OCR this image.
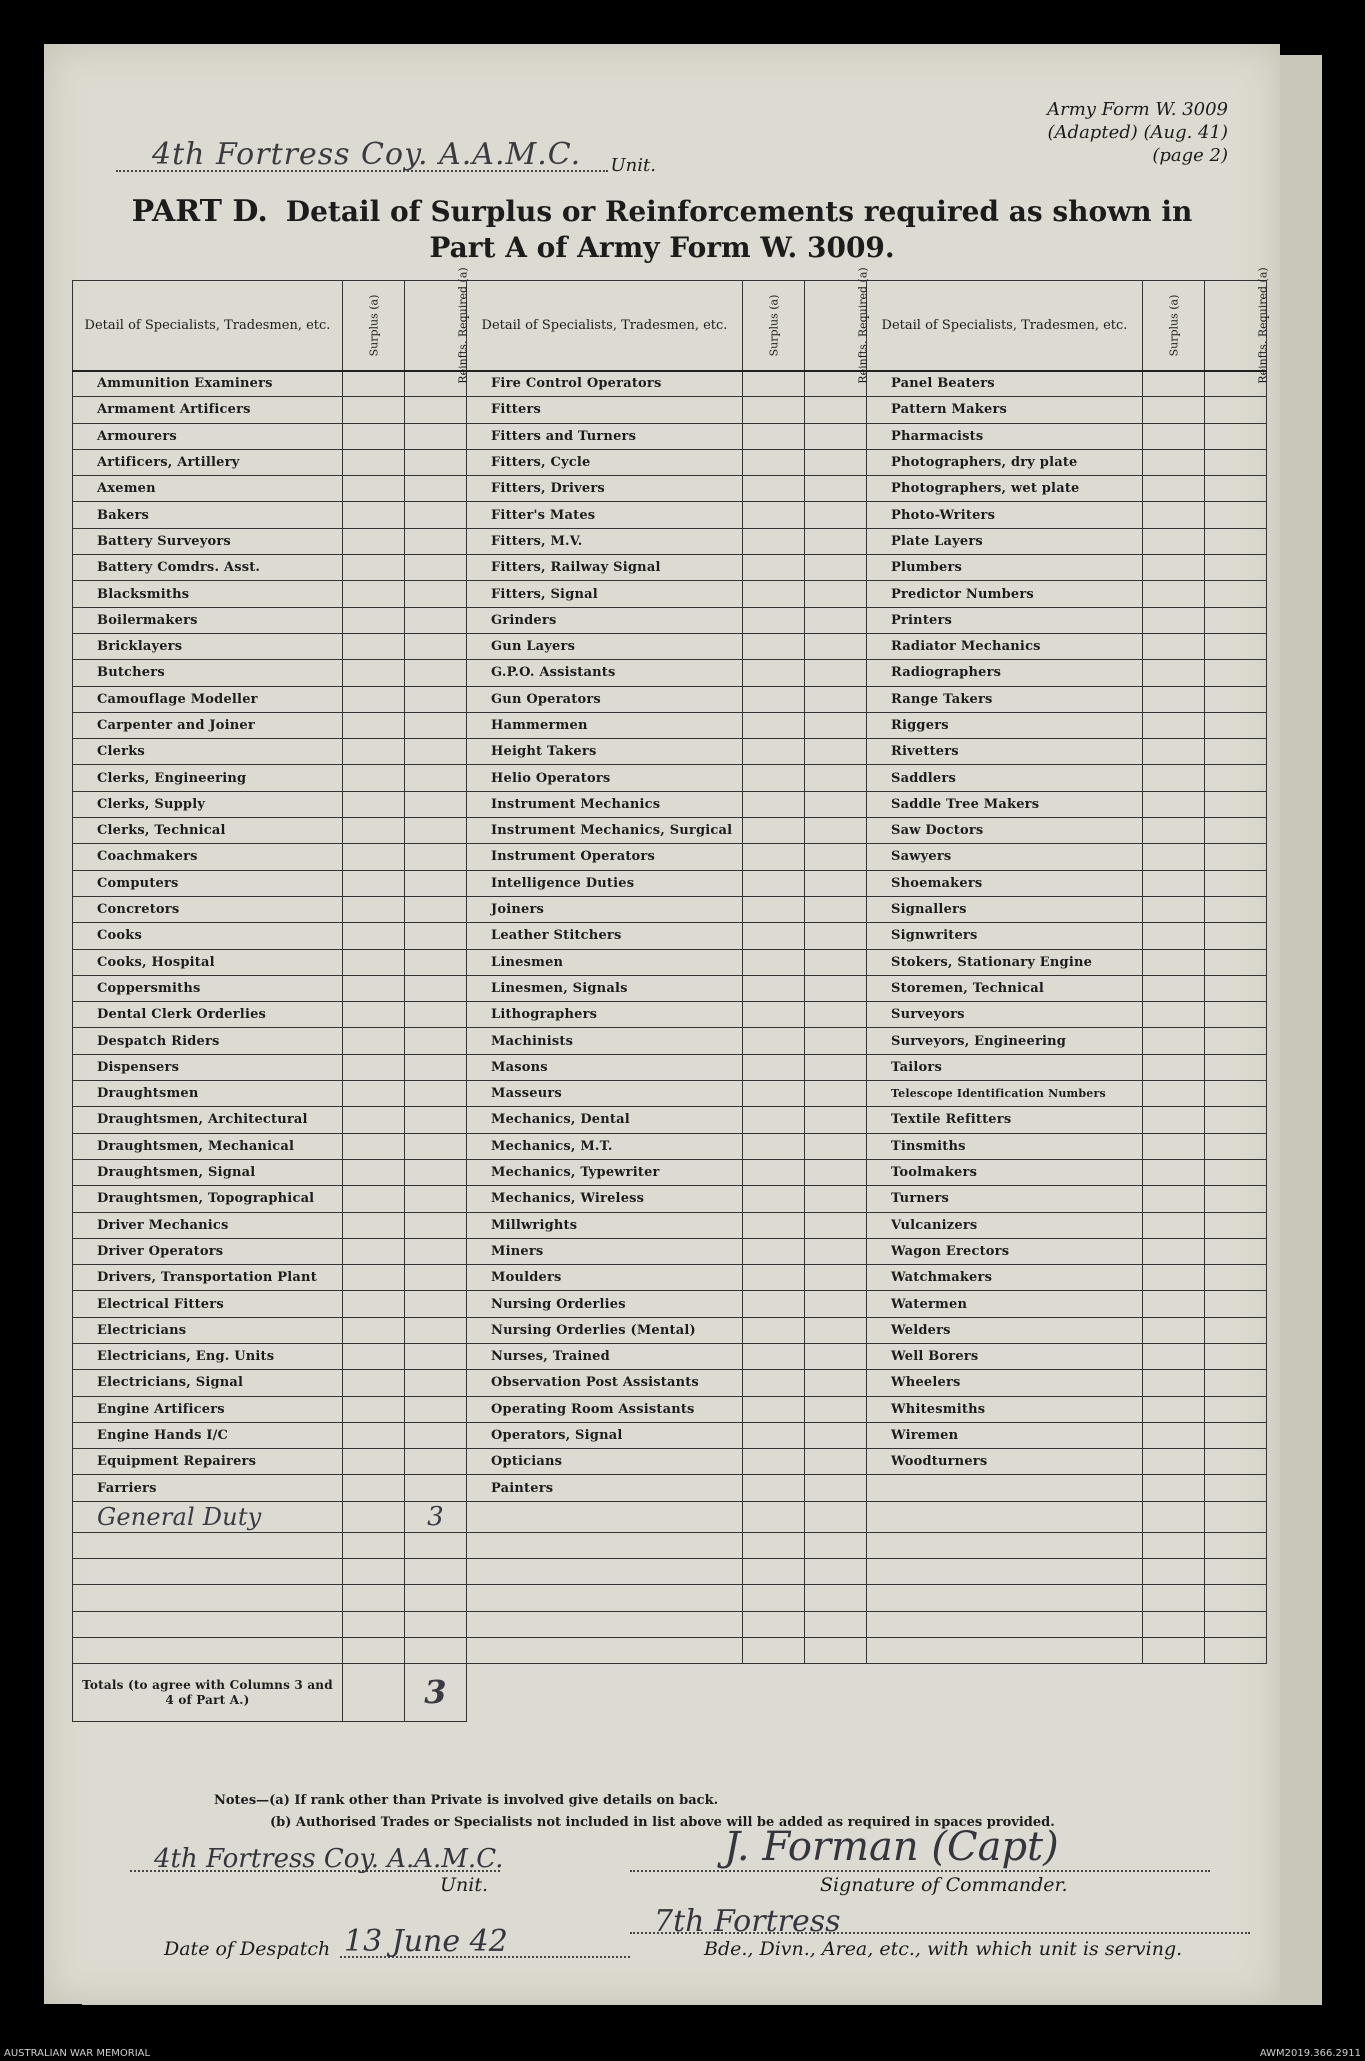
Army Form W. 3009
(Adapted) (Aug. 41)
(page 2)
4th Fortress Coy. A.A.M.C. Unit.
PART D. Detail of Surplus or Reinforcements required as shown in
Part A of Army Form W. 3009.
Detail of Specialists, Tradesmen, etc.	Surplus (a)	Reinfts. Required (a)	Detail of Specialists, Tradesmen, etc.	Surplus (a)	Reinfts. Required (a)	Detail of Specialists, Tradesmen, etc.	Surplus (a)	Reinfts. Required (a)
Ammunition Examiners			Fire Control Operators			Panel Beaters		
Armament Artificers			Fitters			Pattern Makers		
Armourers			Fitters and Turners			Pharmacists		
Artificers, Artillery			Fitters, Cycle			Photographers, dry plate		
Axemen			Fitters, Drivers			Photographers, wet plate		
Bakers			Fitter's Mates			Photo-Writers		
Battery Surveyors			Fitters, M.V.			Plate Layers		
Battery Comdrs. Asst.			Fitters, Railway Signal			Plumbers		
Blacksmiths			Fitters, Signal			Predictor Numbers		
Boilermakers			Grinders			Printers		
Bricklayers			Gun Layers			Radiator Mechanics		
Butchers			G.P.O. Assistants			Radiographers		
Camouflage Modeller			Gun Operators			Range Takers		
Carpenter and Joiner			Hammermen			Riggers		
Clerks			Height Takers			Rivetters		
Clerks, Engineering			Helio Operators			Saddlers		
Clerks, Supply			Instrument Mechanics			Saddle Tree Makers		
Clerks, Technical			Instrument Mechanics, Surgical			Saw Doctors		
Coachmakers			Instrument Operators			Sawyers		
Computers			Intelligence Duties			Shoemakers		
Concretors			Joiners			Signallers		
Cooks			Leather Stitchers			Signwriters		
Cooks, Hospital			Linesmen			Stokers, Stationary Engine		
Coppersmiths			Linesmen, Signals			Storemen, Technical		
Dental Clerk Orderlies			Lithographers			Surveyors		
Despatch Riders			Machinists			Surveyors, Engineering		
Dispensers			Masons			Tailors		
Draughtsmen			Masseurs			Telescope Identification Numbers		
Draughtsmen, Architectural			Mechanics, Dental			Textile Refitters		
Draughtsmen, Mechanical			Mechanics, M.T.			Tinsmiths		
Draughtsmen, Signal			Mechanics, Typewriter			Toolmakers		
Draughtsmen, Topographical			Mechanics, Wireless			Turners		
Driver Mechanics			Millwrights			Vulcanizers		
Driver Operators			Miners			Wagon Erectors		
Drivers, Transportation Plant			Moulders			Watchmakers		
Electrical Fitters			Nursing Orderlies			Watermen		
Electricians			Nursing Orderlies (Mental)			Welders		
Electricians, Eng. Units			Nurses, Trained			Well Borers		
Electricians, Signal			Observation Post Assistants			Wheelers		
Engine Artificers			Operating Room Assistants			Whitesmiths		
Engine Hands I/C			Operators, Signal			Wiremen		
Equipment Repairers			Opticians			Woodturners		
Farriers			Painters					
General Duty		3						

Totals (to agree with Columns 3 and 4 of Part A.)		3						
Notes—(a) If rank other than Private is involved give details on back.
(b) Authorised Trades or Specialists not included in list above will be added as required in spaces provided.
4th Fortress Coy. A.A.M.C.
Unit.
J. Forman (Capt)
Signature of Commander.
Date of Despatch 13 June 42
7th Fortress
Bde., Divn., Area, etc., with which unit is serving.
AUSTRALIAN WAR MEMORIAL	AWM2019.366.2911
